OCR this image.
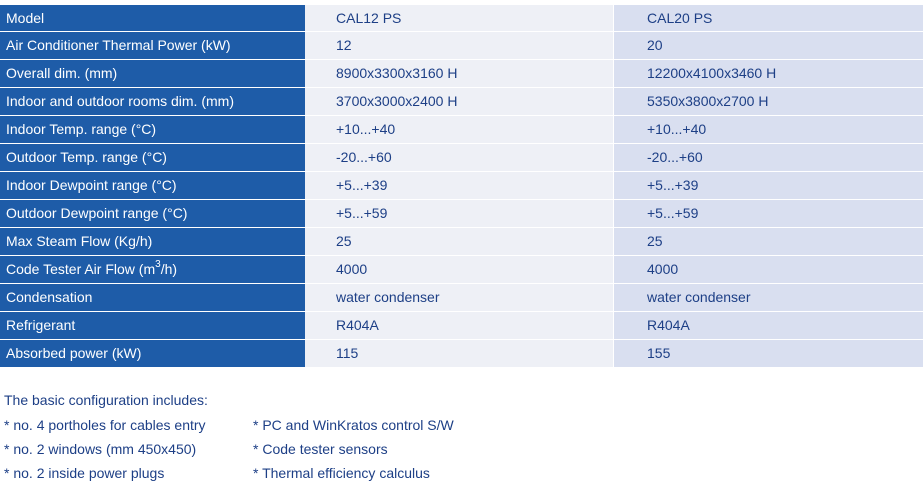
Model	CAL12 PS	CAL20 PS
Air Conditioner Thermal Power (kW)	12	20
Overall dim. (mm)	8900x3300x3160 H	12200x4100x3460 H
Indoor and outdoor rooms dim. (mm)	3700x3000x2400 H	5350x3800x2700 H
Indoor Temp. range (°C)	+10...+40	+10...+40
Outdoor Temp. range (°C)	-20...+60	-20...+60
Indoor Dewpoint range (°C)	+5...+39	+5...+39
Outdoor Dewpoint range (°C)	+5...+59	+5...+59
Max Steam Flow (Kg/h)	25	25
Code Tester Air Flow $(m^3/h)$	4000	4000
Condensation	water condenser	water condenser
Refrigerant	R404A	R404A
Absorbed power (kW)	115	155
The basic configuration includes:
* no. 4 portholes for cables entry	* PC and WinKratos control S/W
* no. 2 windows (mm 450x450)	* Code tester sensors
* no. 2 inside power plugs	* Thermal efficiency calculus
